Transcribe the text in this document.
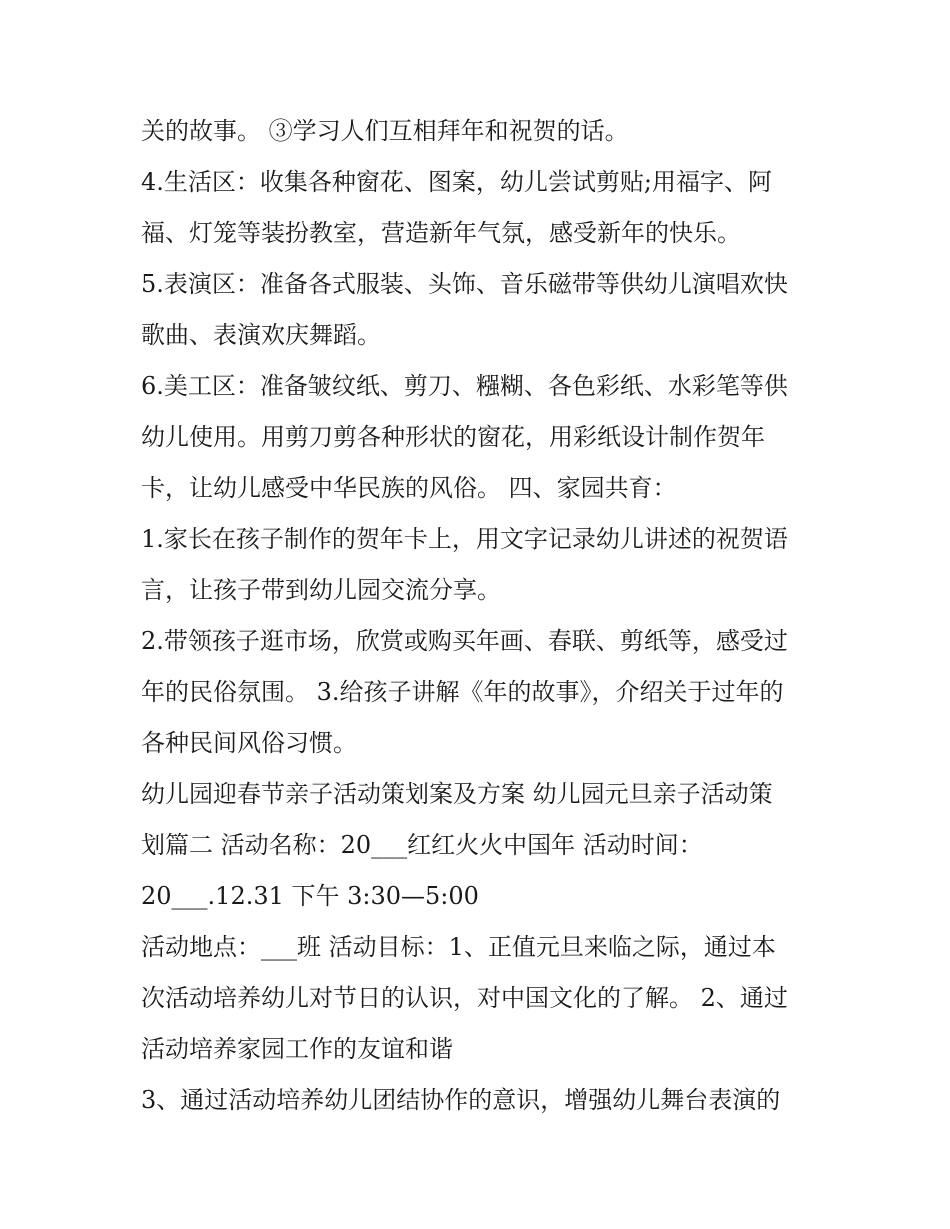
关的故事。 ③学习人们互相拜年和祝贺的话。
4.生活区：收集各种窗花、图案，幼儿尝试剪贴;用福字、阿
福、灯笼等装扮教室，营造新年气氛，感受新年的快乐。
5.表演区：准备各式服装、头饰、音乐磁带等供幼儿演唱欢快
歌曲、表演欢庆舞蹈。
6.美工区：准备皱纹纸、剪刀、糨糊、各色彩纸、水彩笔等供
幼儿使用。用剪刀剪各种形状的窗花，用彩纸设计制作贺年
卡，让幼儿感受中华民族的风俗。 四、家园共育：
1.家长在孩子制作的贺年卡上，用文字记录幼儿讲述的祝贺语
言，让孩子带到幼儿园交流分享。
2.带领孩子逛市场，欣赏或购买年画、春联、剪纸等，感受过
年的民俗氛围。 3.给孩子讲解《年的故事》，介绍关于过年的
各种民间风俗习惯。
幼儿园迎春节亲子活动策划案及方案 幼儿园元旦亲子活动策
划篇二 活动名称：20___红红火火中国年 活动时间：
20___.12.31 下午 3:30—5:00
活动地点：___班 活动目标：1、正值元旦来临之际，通过本
次活动培养幼儿对节日的认识，对中国文化的了解。 2、通过
活动培养家园工作的友谊和谐
3、通过活动培养幼儿团结协作的意识，增强幼儿舞台表演的
